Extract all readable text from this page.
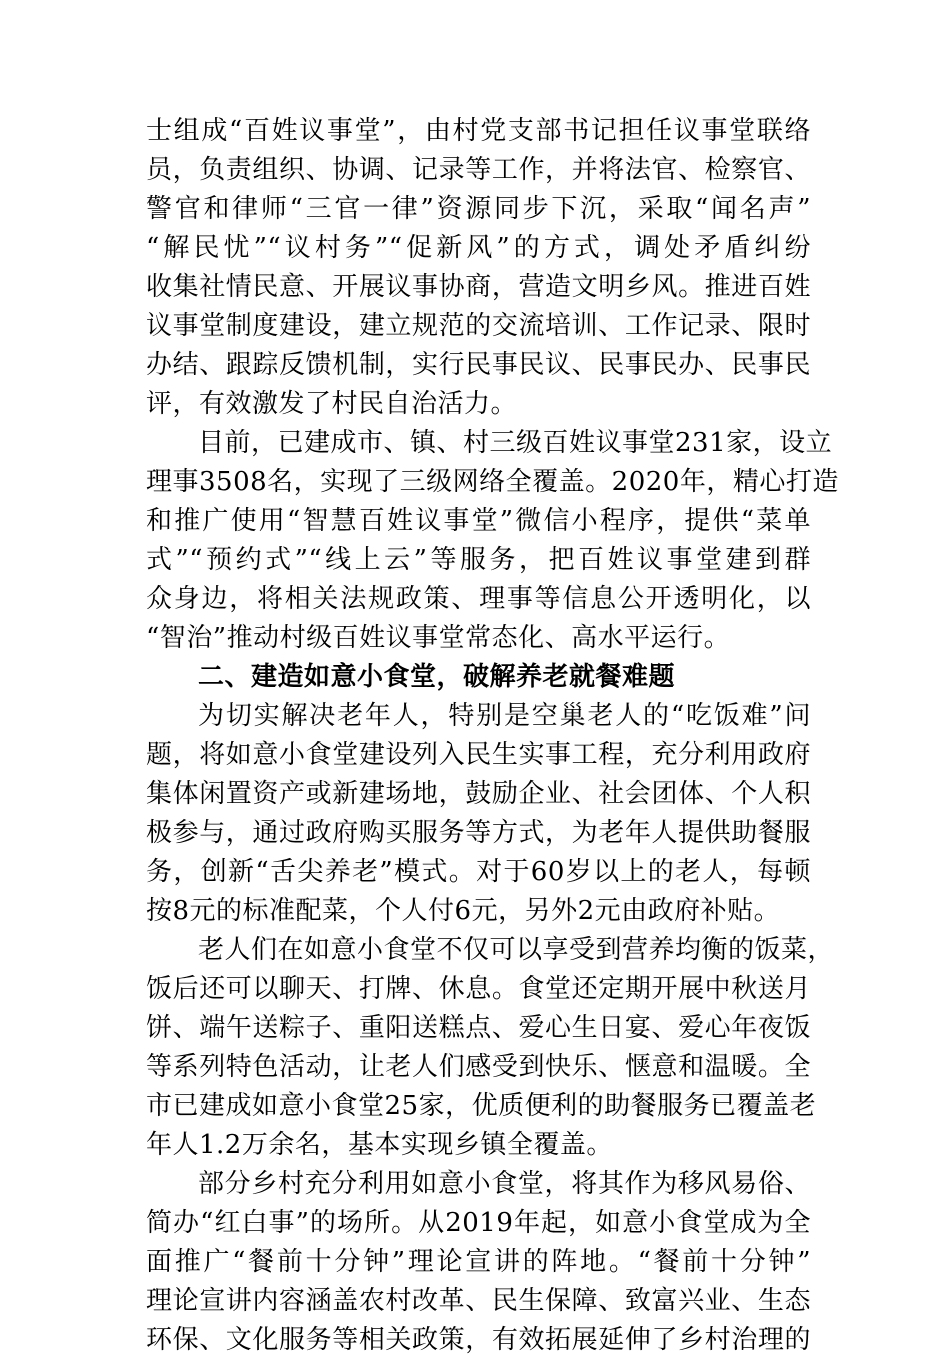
士组成“百姓议事堂”，由村党支部书记担任议事堂联络
员，负责组织、协调、记录等工作，并将法官、检察官、
警官和律师“三官一律”资源同步下沉，采取“闻名声”
“解民忧”“议村务”“促新风”的方式，调处矛盾纠纷
收集社情民意、开展议事协商，营造文明乡风。推进百姓
议事堂制度建设，建立规范的交流培训、工作记录、限时
办结、跟踪反馈机制，实行民事民议、民事民办、民事民
评，有效激发了村民自治活力。
目前，已建成市、镇、村三级百姓议事堂231家，设立
理事3508名，实现了三级网络全覆盖。2020年，精心打造
和推广使用“智慧百姓议事堂”微信小程序，提供“菜单
式”“预约式”“线上云”等服务，把百姓议事堂建到群
众身边，将相关法规政策、理事等信息公开透明化，以
“智治”推动村级百姓议事堂常态化、高水平运行。
二、建造如意小食堂，破解养老就餐难题
为切实解决老年人，特别是空巢老人的“吃饭难”问
题，将如意小食堂建设列入民生实事工程，充分利用政府
集体闲置资产或新建场地，鼓励企业、社会团体、个人积
极参与，通过政府购买服务等方式，为老年人提供助餐服
务，创新“舌尖养老”模式。对于60岁以上的老人，每顿
按8元的标准配菜，个人付6元，另外2元由政府补贴。
老人们在如意小食堂不仅可以享受到营养均衡的饭菜，
饭后还可以聊天、打牌、休息。食堂还定期开展中秋送月
饼、端午送粽子、重阳送糕点、爱心生日宴、爱心年夜饭
等系列特色活动，让老人们感受到快乐、惬意和温暖。全
市已建成如意小食堂25家，优质便利的助餐服务已覆盖老
年人1.2万余名，基本实现乡镇全覆盖。
部分乡村充分利用如意小食堂，将其作为移风易俗、
简办“红白事”的场所。从2019年起，如意小食堂成为全
面推广“餐前十分钟”理论宣讲的阵地。“餐前十分钟”
理论宣讲内容涵盖农村改革、民生保障、致富兴业、生态
环保、文化服务等相关政策，有效拓展延伸了乡村治理的
